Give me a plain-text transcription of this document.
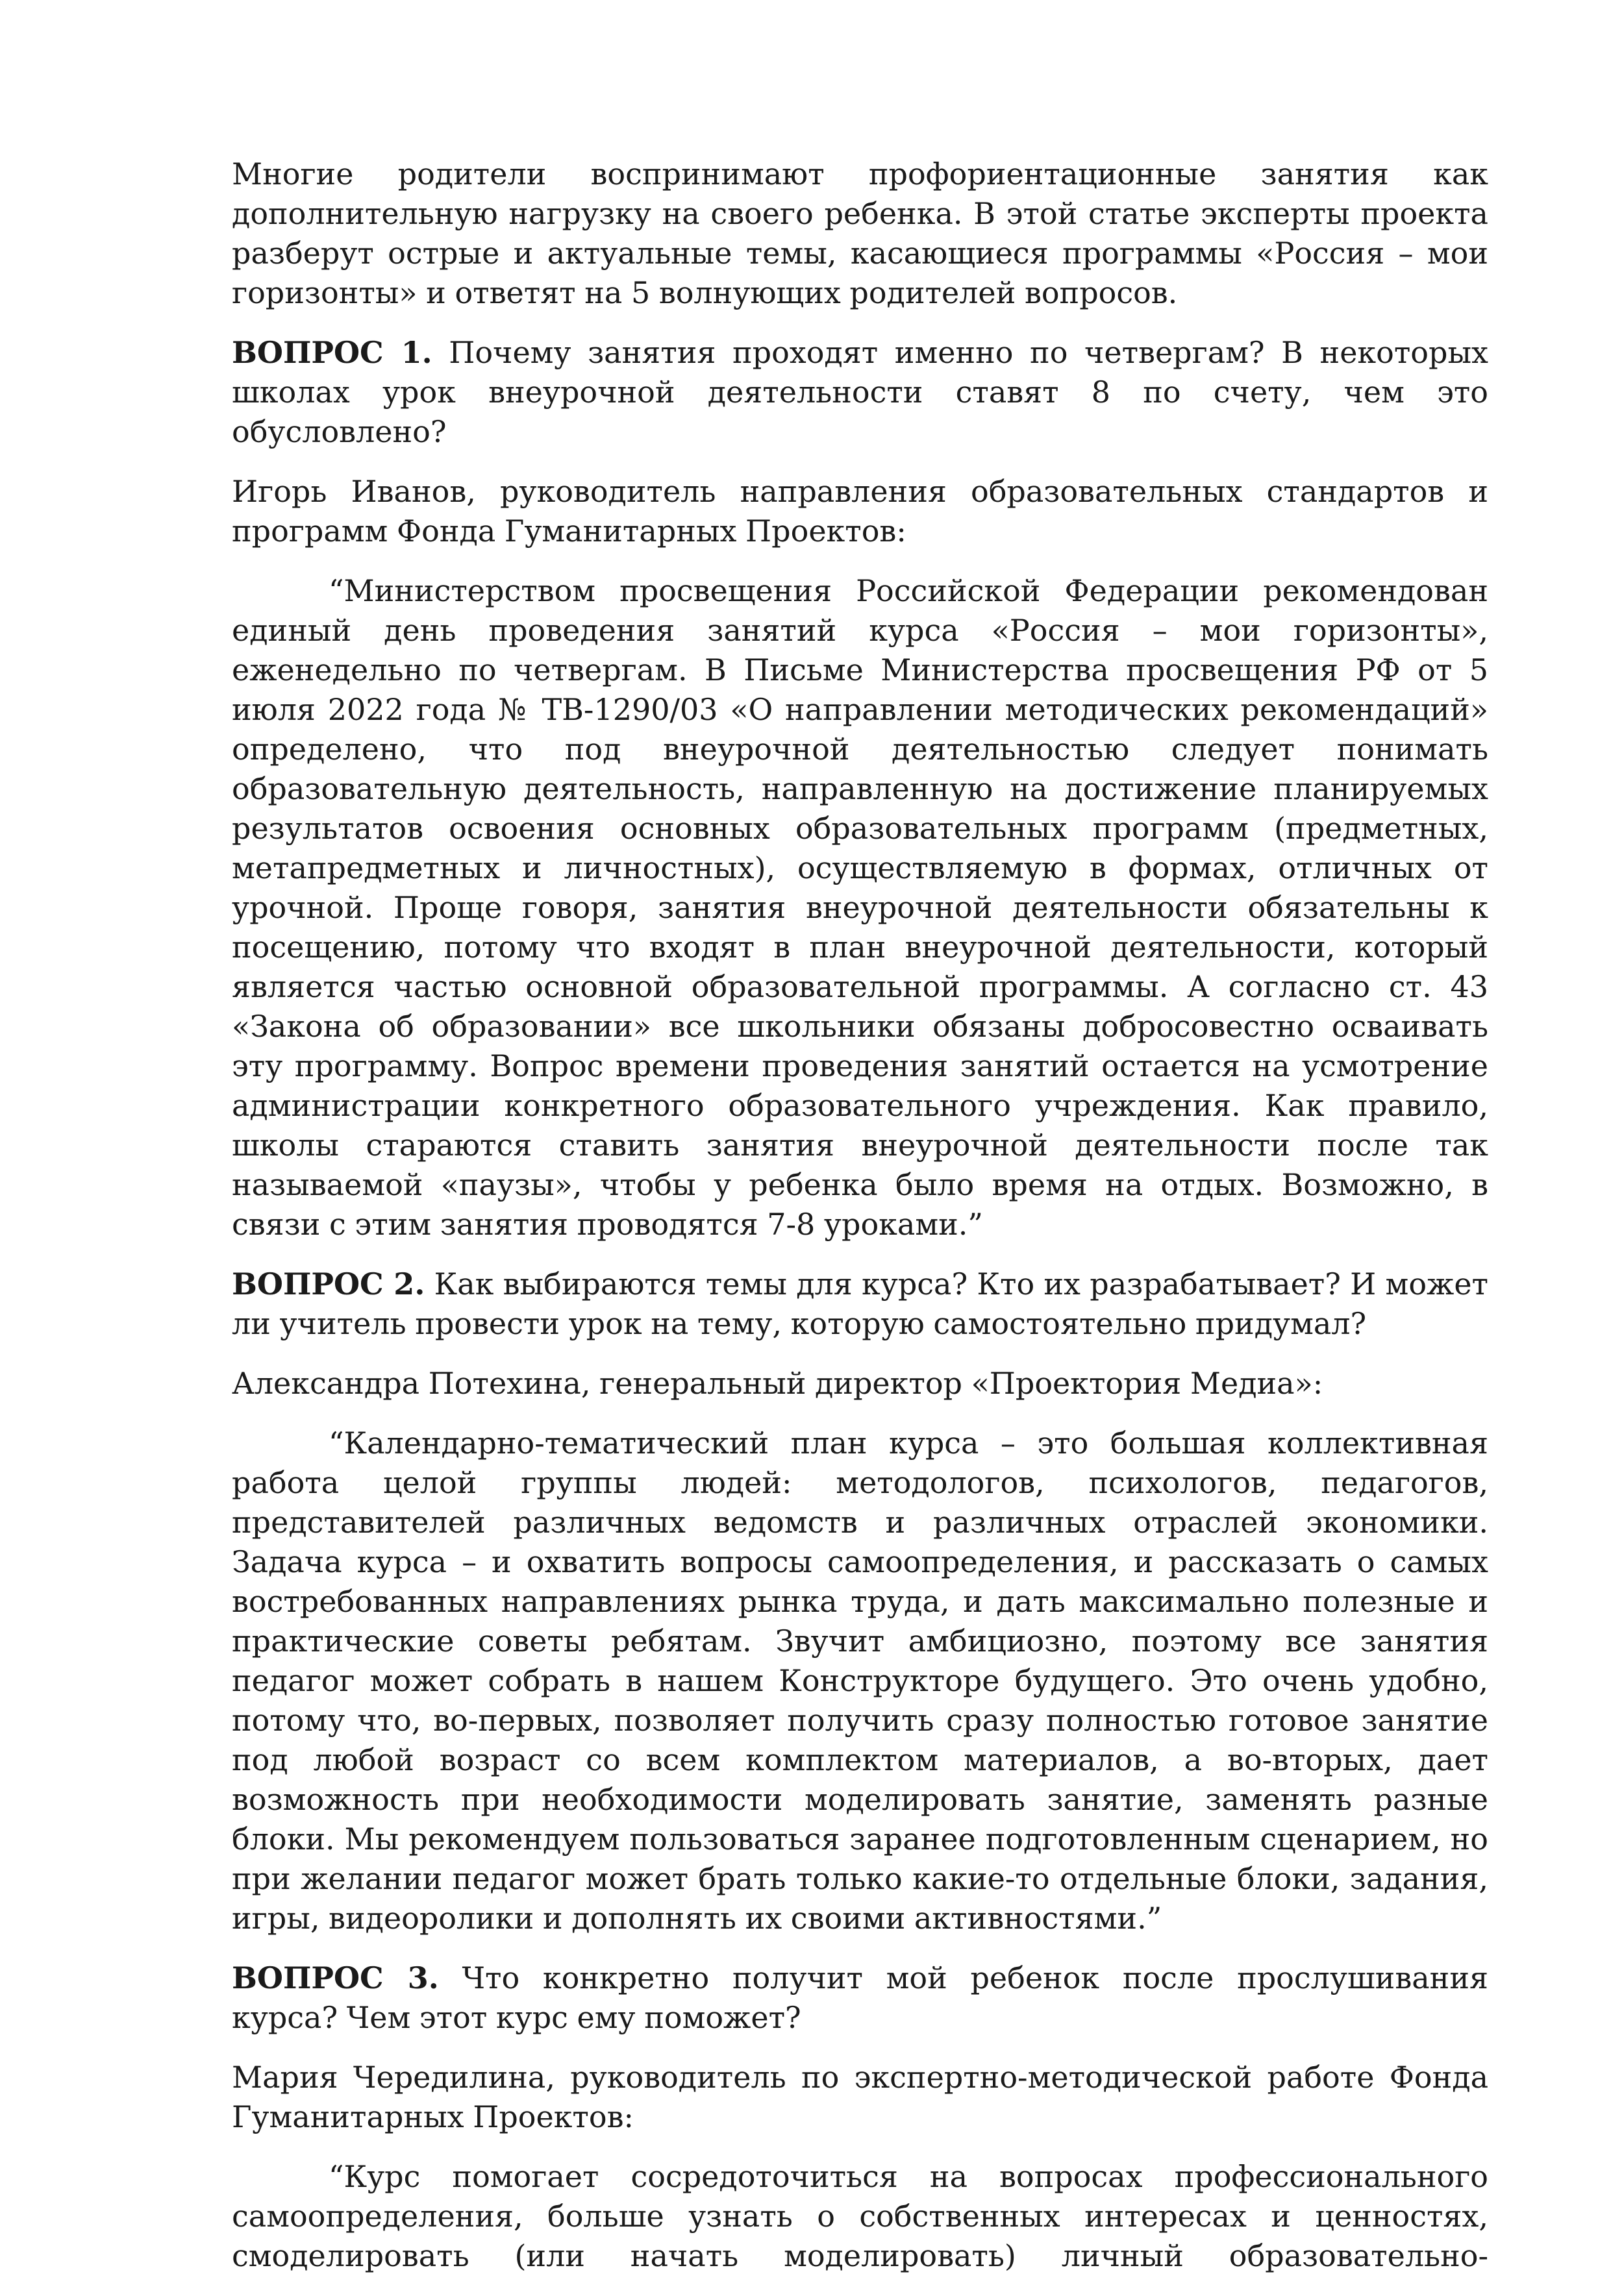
Многие родители воспринимают профориентационные занятия как дополнительную нагрузку на своего ребенка. В этой статье эксперты проекта разберут острые и актуальные темы, касающиеся программы «Россия – мои горизонты» и ответят на 5 волнующих родителей вопросов.

ВОПРОС 1. Почему занятия проходят именно по четвергам? В некоторых школах урок внеурочной деятельности ставят 8 по счету, чем это обусловлено?

Игорь Иванов, руководитель направления образовательных стандартов и программ Фонда Гуманитарных Проектов:

“Министерством просвещения Российской Федерации рекомендован единый день проведения занятий курса «Россия – мои горизонты», еженедельно по четвергам. В Письме Министерства просвещения РФ от 5 июля 2022 года № ТВ-1290/03 «О направлении методических рекомендаций» определено, что под внеурочной деятельностью следует понимать образовательную деятельность, направленную на достижение планируемых результатов освоения основных образовательных программ (предметных, метапредметных и личностных), осуществляемую в формах, отличных от урочной. Проще говоря, занятия внеурочной деятельности обязательны к посещению, потому что входят в план внеурочной деятельности, который является частью основной образовательной программы. А согласно ст. 43 «Закона об образовании» все школьники обязаны добросовестно осваивать эту программу. Вопрос времени проведения занятий остается на усмотрение администрации конкретного образовательного учреждения. Как правило, школы стараются ставить занятия внеурочной деятельности после так называемой «паузы», чтобы у ребенка было время на отдых. Возможно, в связи с этим занятия проводятся 7-8 уроками.”

ВОПРОС 2. Как выбираются темы для курса? Кто их разрабатывает? И может ли учитель провести урок на тему, которую самостоятельно придумал?

Александра Потехина, генеральный директор «Проектория Медиа»:

“Календарно-тематический план курса – это большая коллективная работа целой группы людей: методологов, психологов, педагогов, представителей различных ведомств и различных отраслей экономики. Задача курса – и охватить вопросы самоопределения, и рассказать о самых востребованных направлениях рынка труда, и дать максимально полезные и практические советы ребятам. Звучит амбициозно, поэтому все занятия педагог может собрать в нашем Конструкторе будущего. Это очень удобно, потому что, во-первых, позволяет получить сразу полностью готовое занятие под любой возраст со всем комплектом материалов, а во-вторых, дает возможность при необходимости моделировать занятие, заменять разные блоки. Мы рекомендуем пользоваться заранее подготовленным сценарием, но при желании педагог может брать только какие-то отдельные блоки, задания, игры, видеоролики и дополнять их своими активностями.”

ВОПРОС 3. Что конкретно получит мой ребенок после прослушивания курса? Чем этот курс ему поможет?

Мария Чередилина, руководитель по экспертно-методической работе Фонда Гуманитарных Проектов:

“Курс помогает сосредоточиться на вопросах профессионального самоопределения, больше узнать о собственных интересах и ценностях, смоделировать (или начать моделировать) личный образовательно-
